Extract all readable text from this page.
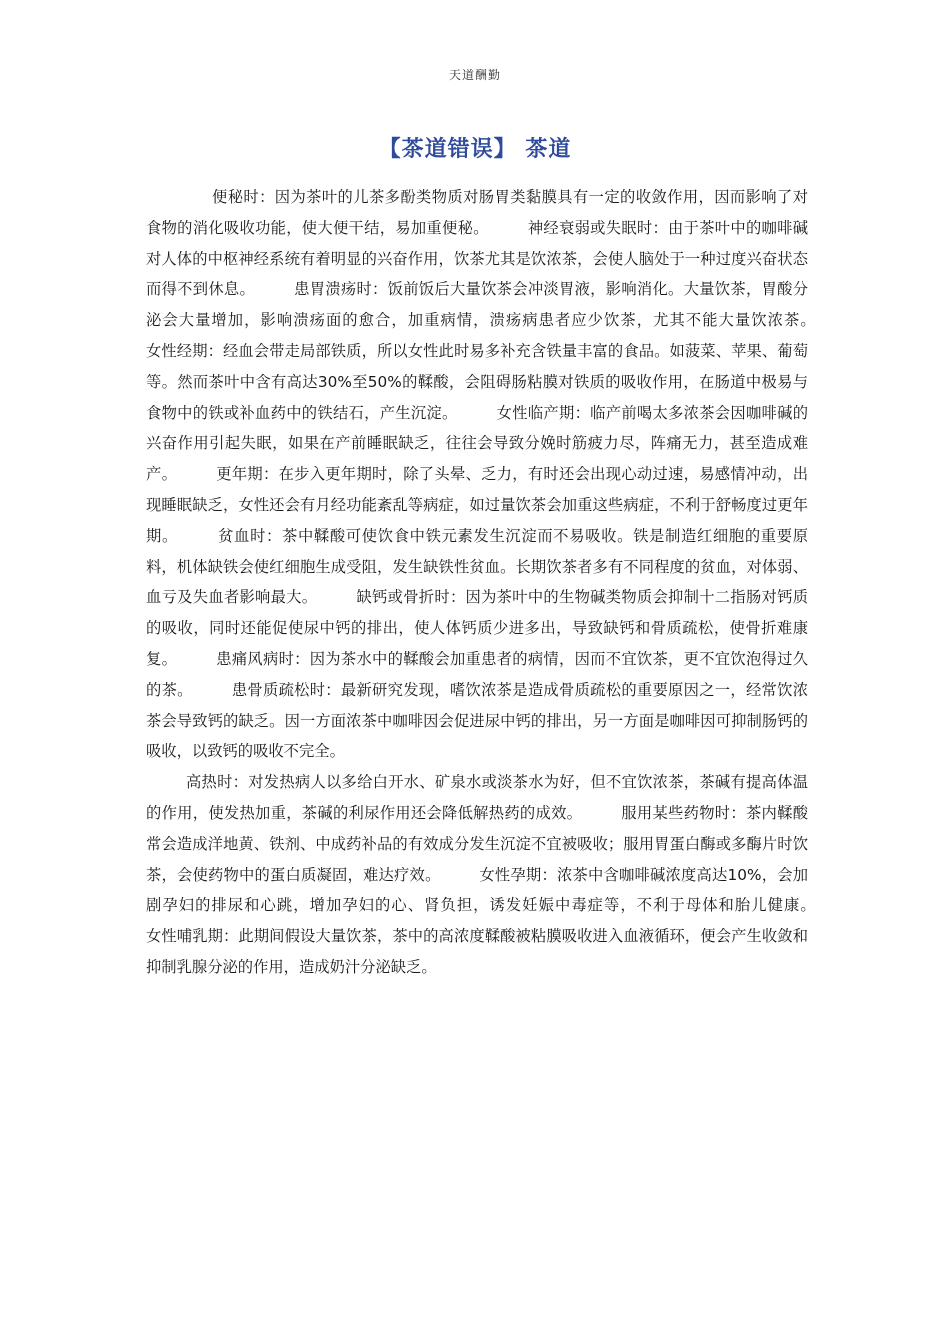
天道酬勤
【茶道错误】 茶道

便秘时：因为茶叶的儿茶多酚类物质对肠胃类黏膜具有一定的收敛作用，因而影响了对食物的消化吸收功能，使大便干结，易加重便秘。　　　神经衰弱或失眠时：由于茶叶中的咖啡碱对人体的中枢神经系统有着明显的兴奋作用，饮茶尤其是饮浓茶，会使人脑处于一种过度兴奋状态而得不到休息。　　　患胃溃疡时：饭前饭后大量饮茶会冲淡胃液，影响消化。大量饮茶，胃酸分泌会大量增加，影响溃疡面的愈合，加重病情，溃疡病患者应少饮茶，尤其不能大量饮浓茶。　　　女性经期：经血会带走局部铁质，所以女性此时易多补充含铁量丰富的食品。如菠菜、苹果、葡萄等。然而茶叶中含有高达30%至50%的鞣酸，会阻碍肠粘膜对铁质的吸收作用，在肠道中极易与食物中的铁或补血药中的铁结石，产生沉淀。　　　女性临产期：临产前喝太多浓茶会因咖啡碱的兴奋作用引起失眠，如果在产前睡眠缺乏，往往会导致分娩时筋疲力尽，阵痛无力，甚至造成难产。　　　更年期：在步入更年期时，除了头晕、乏力，有时还会出现心动过速，易感情冲动，出现睡眠缺乏，女性还会有月经功能紊乱等病症，如过量饮茶会加重这些病症，不利于舒畅度过更年期。　　　贫血时：茶中鞣酸可使饮食中铁元素发生沉淀而不易吸收。铁是制造红细胞的重要原料，机体缺铁会使红细胞生成受阻，发生缺铁性贫血。长期饮茶者多有不同程度的贫血，对体弱、血亏及失血者影响最大。　　　缺钙或骨折时：因为茶叶中的生物碱类物质会抑制十二指肠对钙质的吸收，同时还能促使尿中钙的排出，使人体钙质少进多出，导致缺钙和骨质疏松，使骨折难康复。　　　患痛风病时：因为茶水中的鞣酸会加重患者的病情，因而不宜饮茶，更不宜饮泡得过久的茶。　　　患骨质疏松时：最新研究发现，嗜饮浓茶是造成骨质疏松的重要原因之一，经常饮浓茶会导致钙的缺乏。因一方面浓茶中咖啡因会促进尿中钙的排出，另一方面是咖啡因可抑制肠钙的吸收，以致钙的吸收不完全。

高热时：对发热病人以多给白开水、矿泉水或淡茶水为好，但不宜饮浓茶，茶碱有提高体温的作用，使发热加重，茶碱的利尿作用还会降低解热药的成效。　　　服用某些药物时：茶内鞣酸常会造成洋地黄、铁剂、中成药补品的有效成分发生沉淀不宜被吸收；服用胃蛋白酶或多酶片时饮茶，会使药物中的蛋白质凝固，难达疗效。　　　女性孕期：浓茶中含咖啡碱浓度高达10%，会加剧孕妇的排尿和心跳，增加孕妇的心、肾负担，诱发妊娠中毒症等，不利于母体和胎儿健康。　　　女性哺乳期：此期间假设大量饮茶，茶中的高浓度鞣酸被粘膜吸收进入血液循环，便会产生收敛和抑制乳腺分泌的作用，造成奶汁分泌缺乏。
